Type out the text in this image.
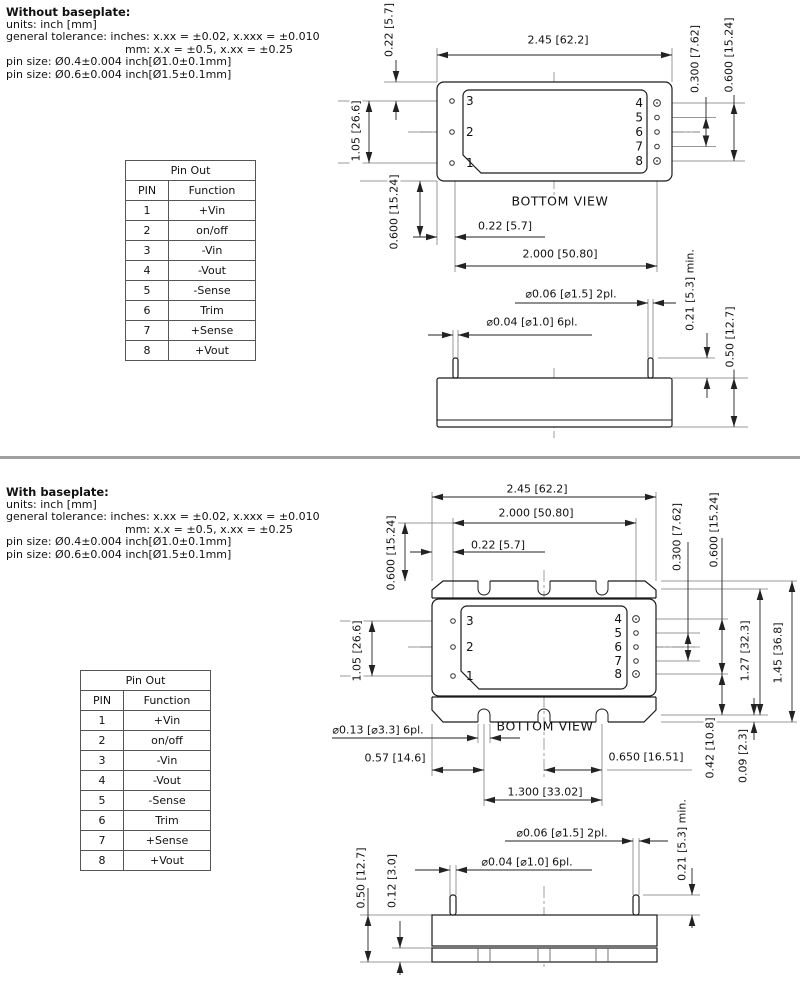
Without baseplate:
units: inch [mm]
general tolerance: inches: x.xx = ±0.02, x.xxx = ±0.010
mm: x.x = ±0.5, x.xx = ±0.25
pin size: Ø0.4±0.004 inch[Ø1.0±0.1mm]
pin size: Ø0.6±0.004 inch[Ø1.5±0.1mm]
Pin Out	
PIN	Function
1	+Vin
2	on/off
3	-Vin
4	-Vout
5	-Sense
6	Trim
7	+Sense
8	+Vout
3
2
1
4
5
6
7
8
0.22 [5.7]	2.45 [62.2]
1.05 [26.6]
0.600 [15.24]
0.300 [7.62] 0.600 [15.24]
BOTTOM VIEW
0.22 [5.7]
2.000 [50.80]
⌀0.06 [⌀1.5] 2pl.
⌀0.04 [⌀1.0] 6pl.	0.21 [5.3] min.
0.50 [12.7]
With baseplate:
units: inch [mm]
general tolerance: inches: x.xx = ±0.02, x.xxx = ±0.010
mm: x.x = ±0.5, x.xx = ±0.25
pin size: Ø0.4±0.004 inch[Ø1.0±0.1mm]
pin size: Ø0.6±0.004 inch[Ø1.5±0.1mm]
Pin Out	
PIN	Function
1	+Vin
2	on/off
3	-Vin
4	-Vout
5	-Sense
6	Trim
7	+Sense
8	+Vout
3
2
1
4
5
6
7
8
2.45 [62.2]
2.000 [50.80]
0.22 [5.7]
0.600 [15.24]
1.05 [26.6]
0.300 [7.62] 0.600 [15.24]
1.27 [32.3] 1.45 [36.8]
⌀0.13 [⌀3.3] 6pl.	BOTTOM VIEW
0.57 [14.6]	0.650 [16.51] 0.42 [10.8] 0.09 [2.3]
1.300 [33.02]
⌀0.06 [⌀1.5] 2pl.
⌀0.04 [⌀1.0] 6pl.
0.50 [12.7] 0.12 [3.0]
0.21 [5.3] min.
